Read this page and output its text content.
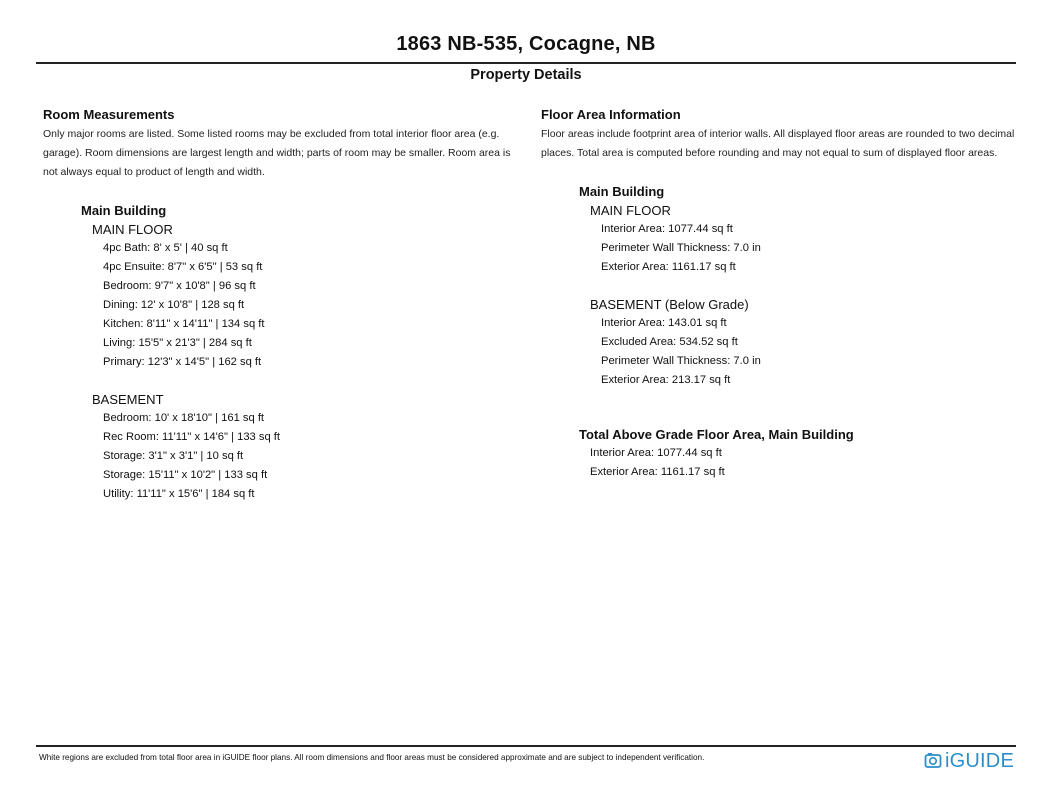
1863 NB-535, Cocagne, NB
Property Details
Room Measurements

Only major rooms are listed. Some listed rooms may be excluded from total interior floor area (e.g. garage). Room dimensions are largest length and width; parts of room may be smaller. Room area is not always equal to product of length and width.

Main Building
MAIN FLOOR
4pc Bath: 8' x 5' | 40 sq ft
4pc Ensuite: 8'7" x 6'5" | 53 sq ft
Bedroom: 9'7" x 10'8" | 96 sq ft
Dining: 12' x 10'8" | 128 sq ft
Kitchen: 8'11" x 14'11" | 134 sq ft
Living: 15'5" x 21'3" | 284 sq ft
Primary: 12'3" x 14'5" | 162 sq ft
BASEMENT
Bedroom: 10' x 18'10" | 161 sq ft
Rec Room: 11'11" x 14'6" | 133 sq ft
Storage: 3'1" x 3'1" | 10 sq ft
Storage: 15'11" x 10'2" | 133 sq ft
Utility: 11'11" x 15'6" | 184 sq ft
Floor Area Information

Floor areas include footprint area of interior walls. All displayed floor areas are rounded to two decimal places. Total area is computed before rounding and may not equal to sum of displayed floor areas.

Main Building
MAIN FLOOR
Interior Area: 1077.44 sq ft
Perimeter Wall Thickness: 7.0 in
Exterior Area: 1161.17 sq ft
BASEMENT (Below Grade)
Interior Area: 143.01 sq ft
Excluded Area: 534.52 sq ft
Perimeter Wall Thickness: 7.0 in
Exterior Area: 213.17 sq ft
Total Above Grade Floor Area, Main Building
Interior Area: 1077.44 sq ft
Exterior Area: 1161.17 sq ft
White regions are excluded from total floor area in iGUIDE floor plans. All room dimensions and floor areas must be considered approximate and are subject to independent verification.	iGUIDE
